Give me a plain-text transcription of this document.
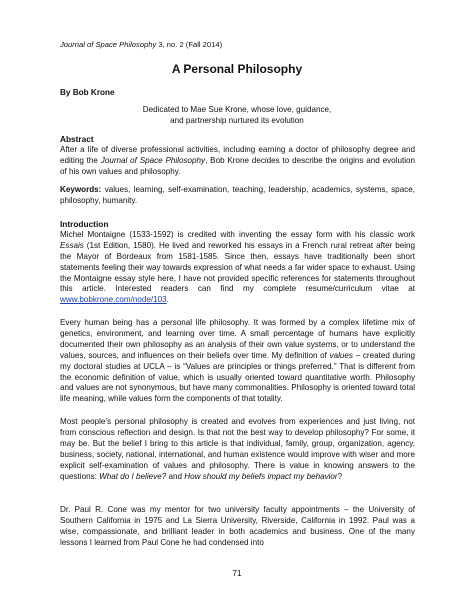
Journal of Space Philosophy 3, no. 2 (Fall 2014)
A Personal Philosophy
By Bob Krone
Dedicated to Mae Sue Krone, whose love, guidance,
and partnership nurtured its evolution
Abstract

After a life of diverse professional activities, including earning a doctor of philosophy degree and editing the Journal of Space Philosophy, Bob Krone decides to describe the origins and evolution of his own values and philosophy.

Keywords: values, learning, self-examination, teaching, leadership, academics, systems, space, philosophy, humanity.

Introduction

Michel Montaigne (1533-1592) is credited with inventing the essay form with his classic work Essais (1st Edition, 1580). He lived and reworked his essays in a French rural retreat after being the Mayor of Bordeaux from 1581-1585. Since then, essays have traditionally been short statements feeling their way towards expression of what needs a far wider space to exhaust. Using the Montaigne essay style here, I have not provided specific references for statements throughout this article. Interested readers can find my complete resume/curriculum vitae at www.bobkrone.com/node/103.

Every human being has a personal life philosophy. It was formed by a complex lifetime mix of genetics, environment, and learning over time. A small percentage of humans have explicitly documented their own philosophy as an analysis of their own value systems, or to understand the values, sources, and influences on their beliefs over time. My definition of values – created during my doctoral studies at UCLA – is “Values are principles or things preferred.” That is different from the economic definition of value, which is usually oriented toward quantitative worth. Philosophy and values are not synonymous, but have many commonalities. Philosophy is oriented toward total life meaning, while values form the components of that totality.

Most people’s personal philosophy is created and evolves from experiences and just living, not from conscious reflection and design. Is that not the best way to develop philosophy? For some, it may be. But the belief I bring to this article is that individual, family, group, organization, agency, business, society, national, international, and human existence would improve with wiser and more explicit self-examination of values and philosophy. There is value in knowing answers to the questions: What do I believe? and How should my beliefs impact my behavior?

Dr. Paul R. Cone was my mentor for two university faculty appointments – the University of Southern California in 1975 and La Sierra University, Riverside, California in 1992. Paul was a wise, compassionate, and brilliant leader in both academics and business. One of the many lessons I learned from Paul Cone he had condensed into

71
